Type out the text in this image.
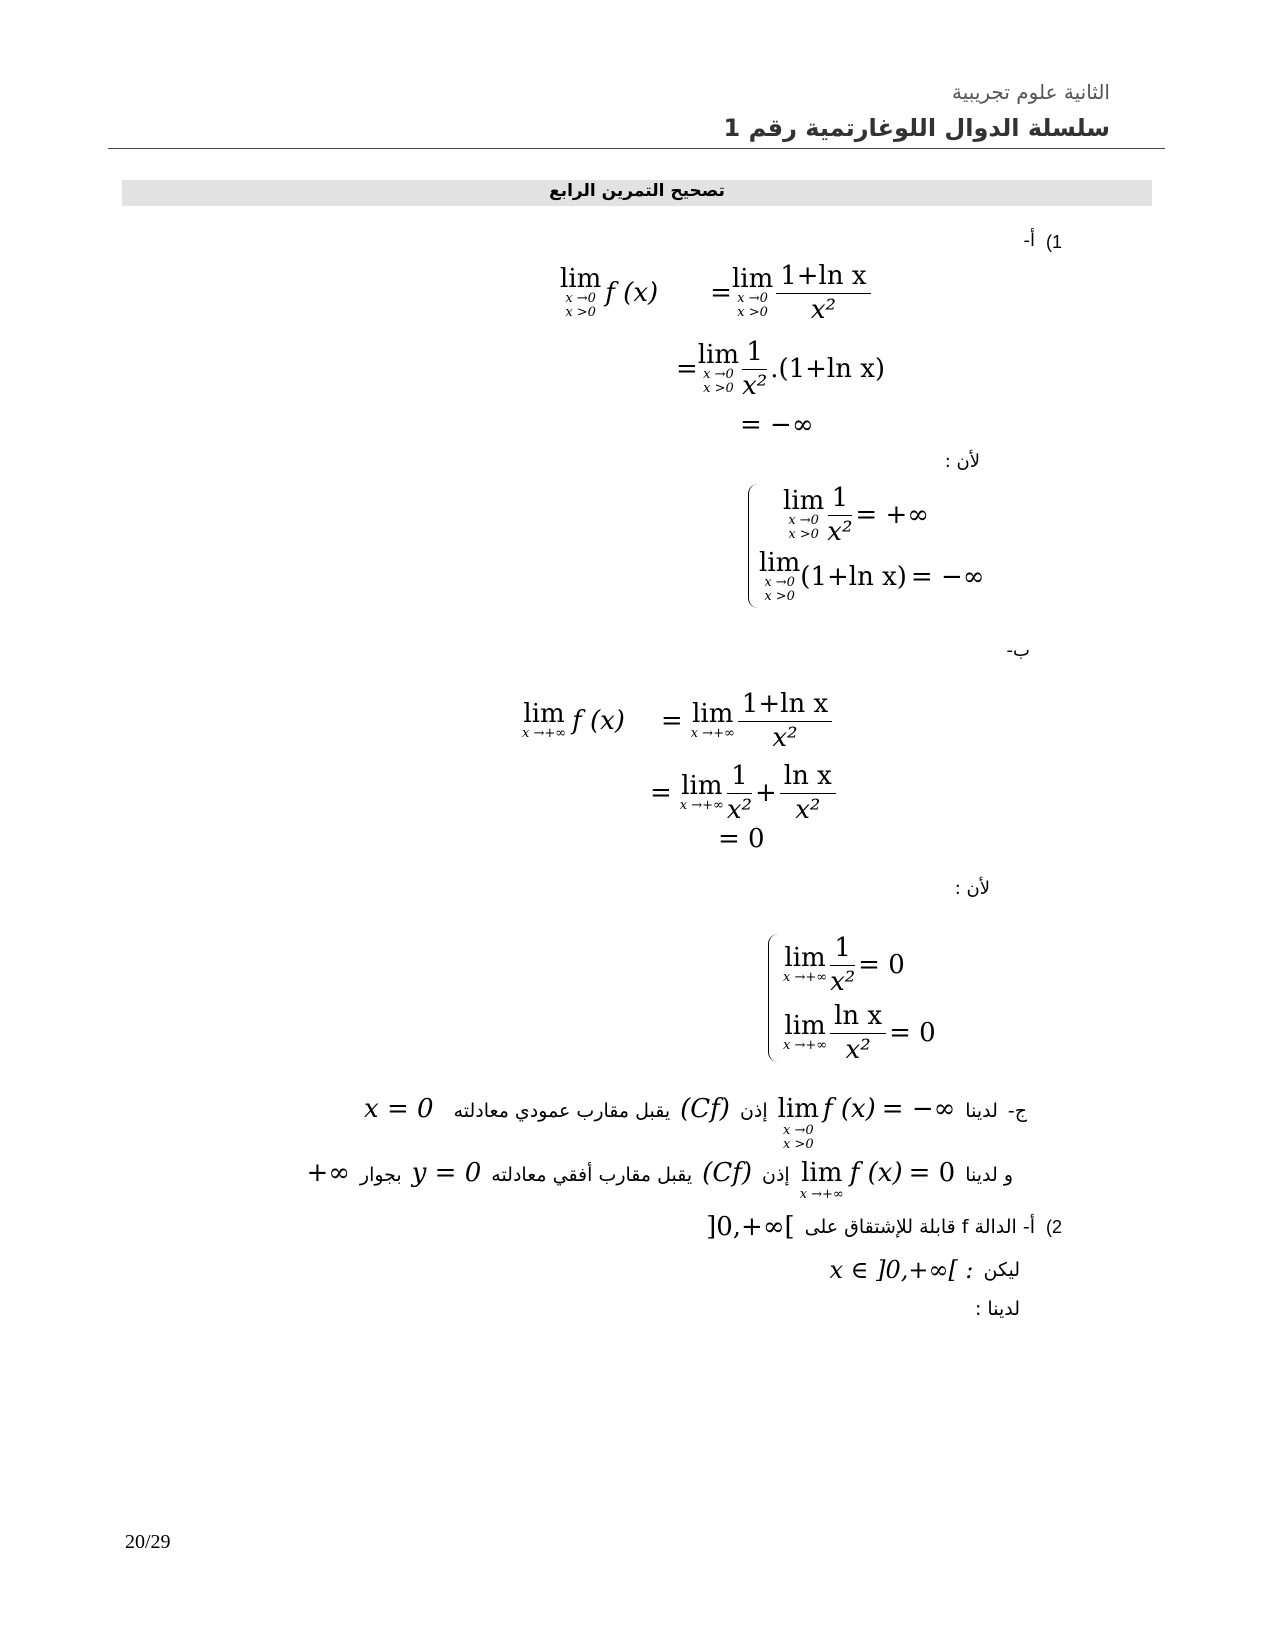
الثانية علوم تجريبية
سلسلة الدوال اللوغارتمية رقم 1
تصحيح التمرين الرابع
(1
أ-
lim
x →0
x >0
f (x) = lim
x →0
$x >0 \frac{\text{1+ln x}}{\text{x²}}$
= lim
x →0
$x >0 \frac{1}{\text{x²}} .(1+\ln$ x)
= −∞
لأن :
lim
x →0
$x >0 \frac{1}{\text{x²}}$ = +∞
lim
x →0
x >0
(1+ln x) = −∞
ب-
lim
x →+∞ f (x) = lim
x →+∞ $\frac{\text{1+ln x}}{\text{x²}}$
= lim
x →+∞ $\frac{1}{\text{x²}} + \frac{\text{ln x}}{\text{x²}}$
= 0
لأن :
lim
x →+∞ $\frac{1}{\text{x²}} = 0$
lim
x →+∞ $\frac{\text{ln x}}{\text{x²}} = 0$
ج-
لدينا
lim
x →0
x >0
f (x) = −∞
إذن
(Cf)
يقبل مقارب عمودي معادلته
x = 0
و لدينا
lim
x →+∞
f (x) = 0
إذن
(Cf)
يقبل مقارب أفقي معادلته
y = 0
بجوار
+∞
(2
أ- الدالة f قابلة للإشتقاق على
]0,+∞[
ليكن
x ∈ ]0,+∞[ :
لدينا :
20/29
